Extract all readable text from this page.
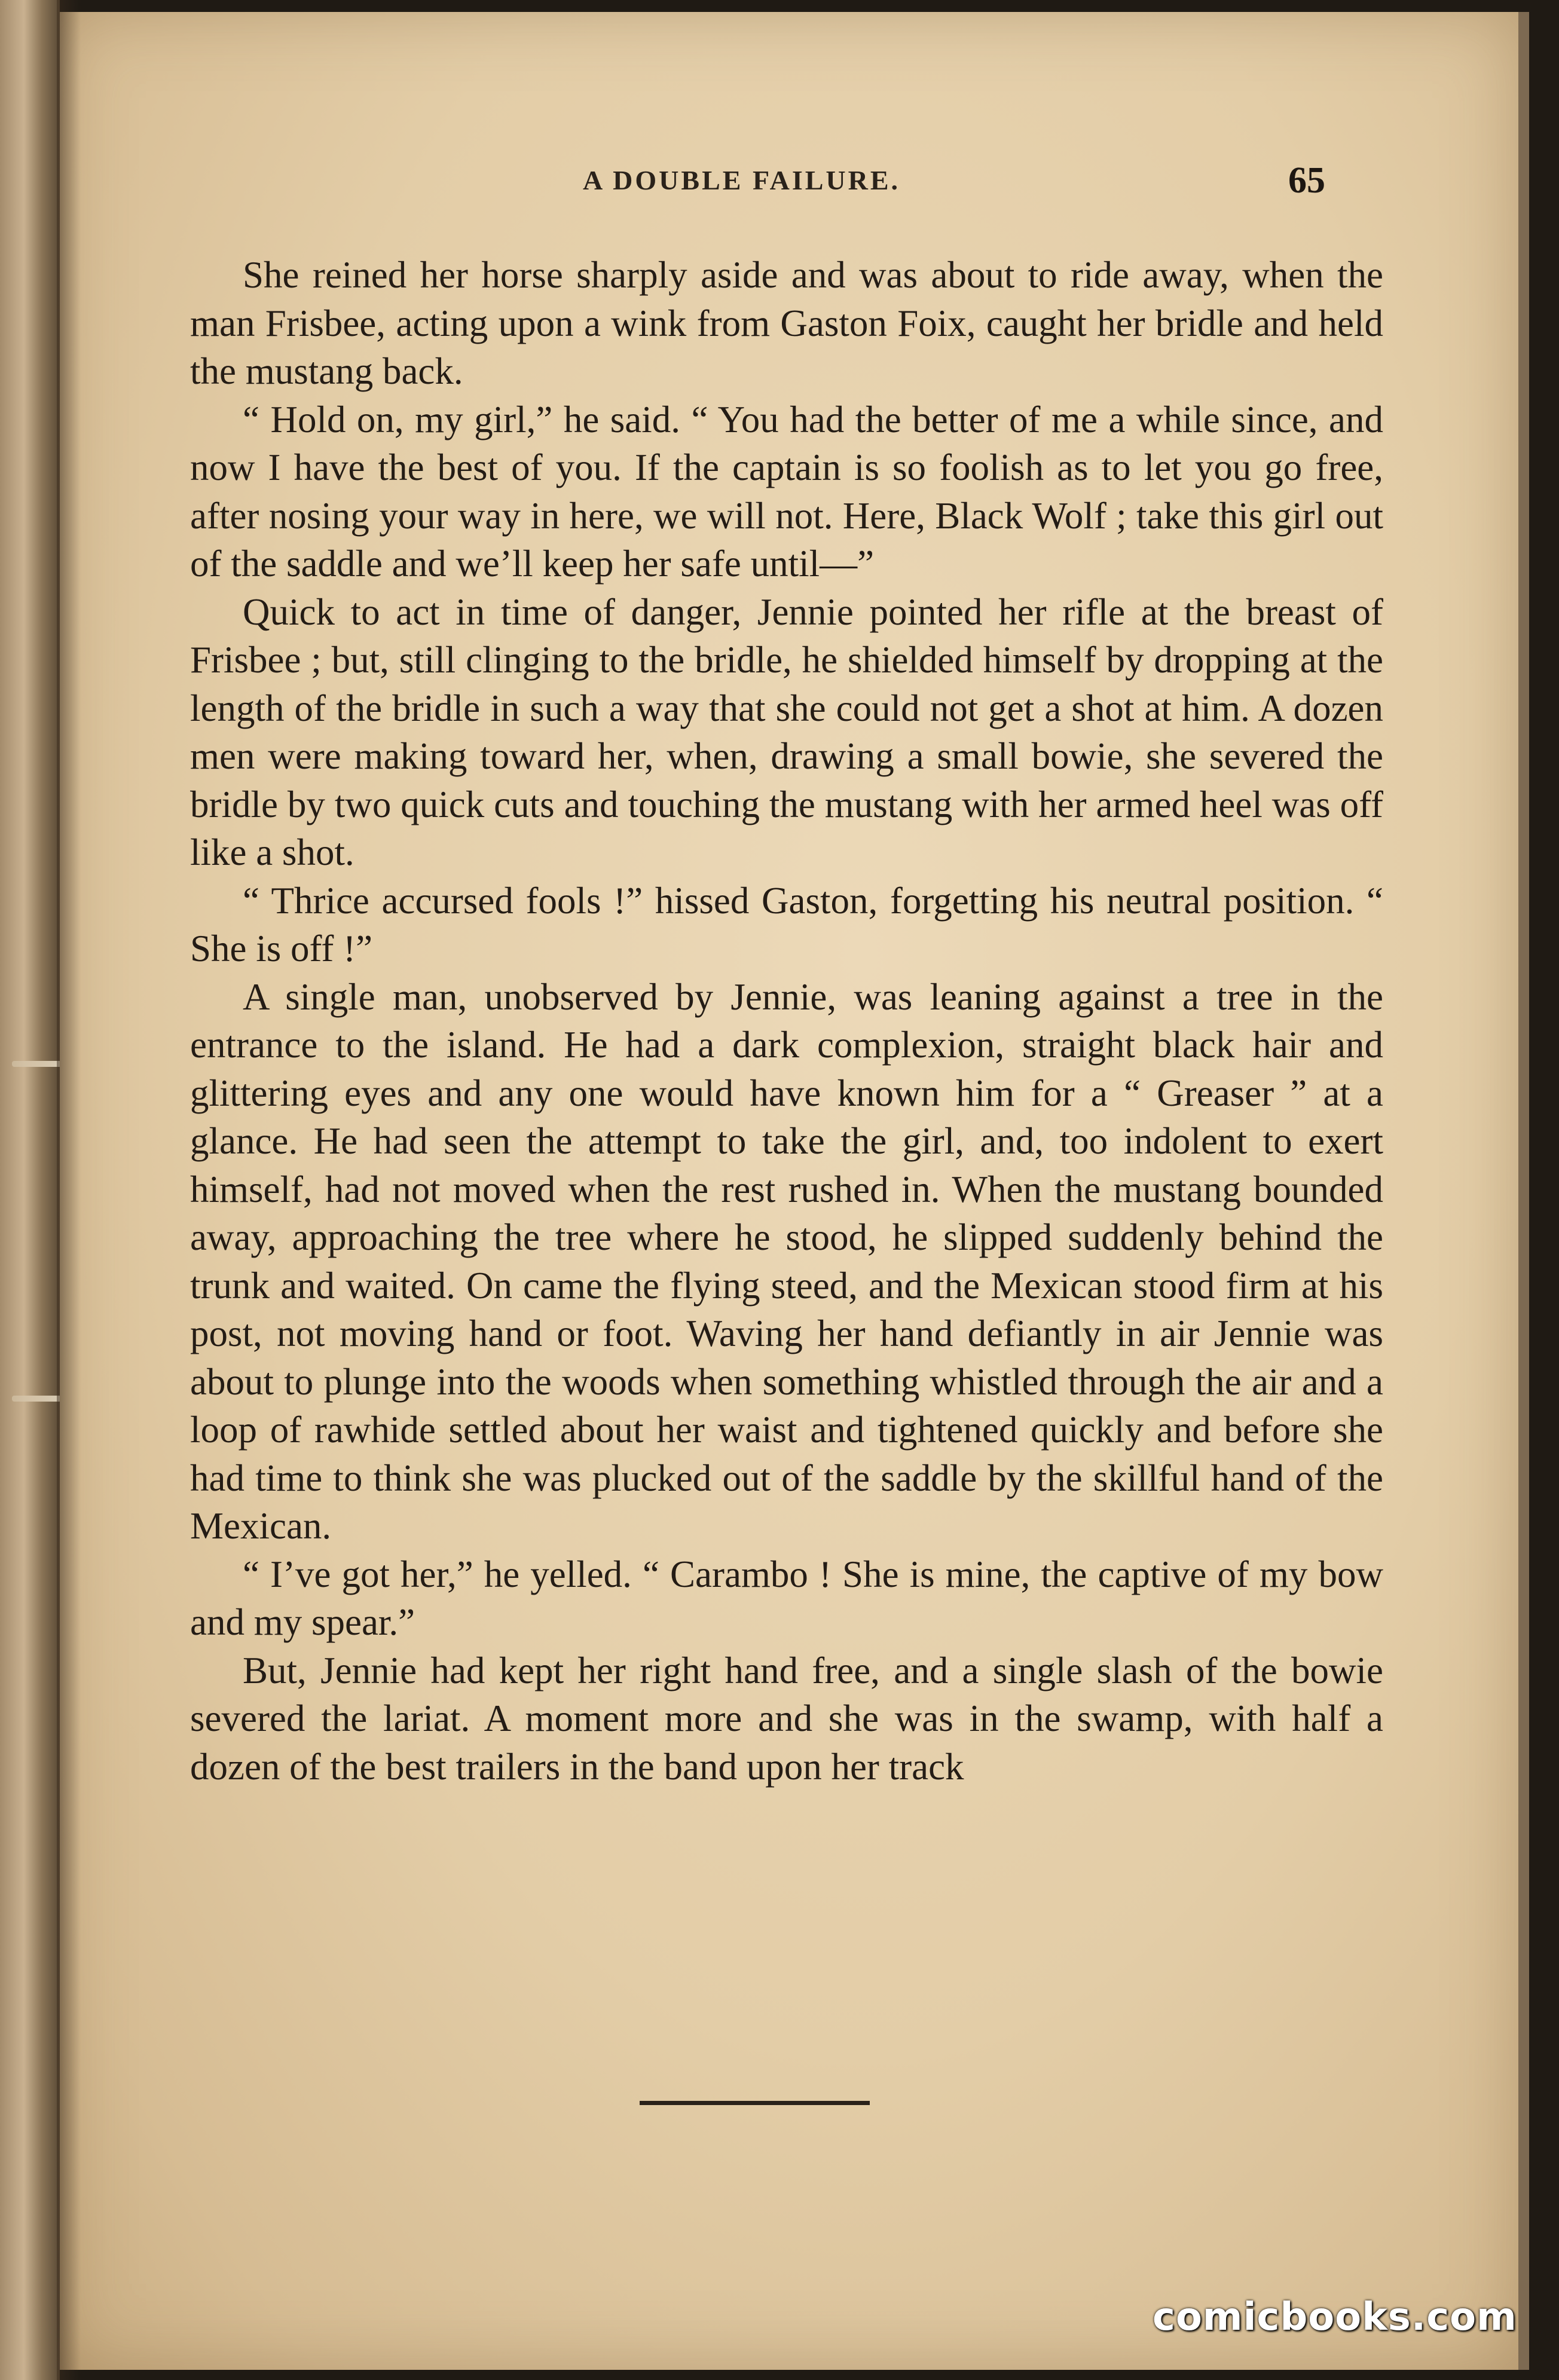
A DOUBLE FAILURE.	65

She reined her horse sharply aside and was about to ride away, when the man Frisbee, acting upon a wink from Gaston Foix, caught her bridle and held the mustang back.

“ Hold on, my girl,” he said. “ You had the better of me a while since, and now I have the best of you. If the captain is so foolish as to let you go free, after nosing your way in here, we will not. Here, Black Wolf ; take this girl out of the saddle and we’ll keep her safe until—”

Quick to act in time of danger, Jennie pointed her rifle at the breast of Frisbee ; but, still clinging to the bridle, he shielded himself by dropping at the length of the bridle in such a way that she could not get a shot at him. A dozen men were making toward her, when, drawing a small bowie, she severed the bridle by two quick cuts and touching the mustang with her armed heel was off like a shot.

“ Thrice accursed fools !” hissed Gaston, forgetting his neutral position. “ She is off !”

A single man, unobserved by Jennie, was leaning against a tree in the entrance to the island. He had a dark complexion, straight black hair and glittering eyes and any one would have known him for a “ Greaser ” at a glance. He had seen the attempt to take the girl, and, too indolent to exert himself, had not moved when the rest rushed in. When the mustang bounded away, approaching the tree where he stood, he slipped suddenly behind the trunk and waited. On came the flying steed, and the Mexican stood firm at his post, not moving hand or foot. Waving her hand defiantly in air Jennie was about to plunge into the woods when something whistled through the air and a loop of rawhide settled about her waist and tightened quickly and before she had time to think she was plucked out of the saddle by the skillful hand of the Mexican.

“ I’ve got her,” he yelled. “ Carambo ! She is mine, the captive of my bow and my spear.”

But, Jennie had kept her right hand free, and a single slash of the bowie severed the lariat. A moment more and she was in the swamp, with half a dozen of the best trailers in the band upon her track

comicbooks.com
